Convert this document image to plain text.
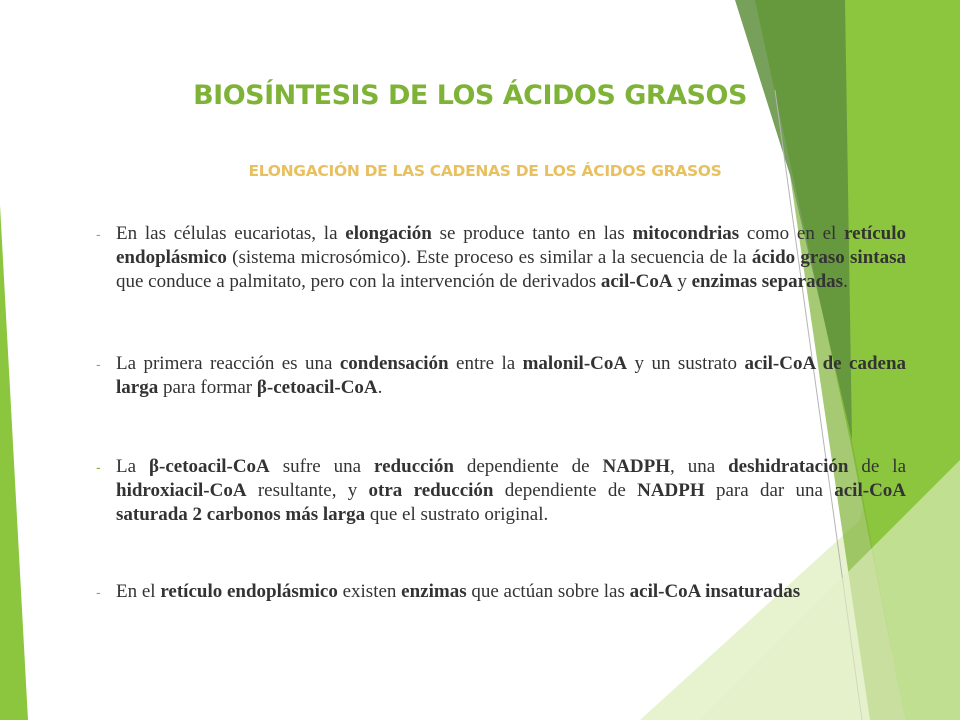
BIOSÍNTESIS DE LOS ÁCIDOS GRASOS
ELONGACIÓN DE LAS CADENAS DE LOS ÁCIDOS GRASOS
- En las células eucariotas, la elongación se produce tanto en las mitocondrias como en el retículo endoplásmico (sistema microsómico). Este proceso es similar a la secuencia de la ácido graso sintasa que conduce a palmitato, pero con la intervención de derivados acil-CoA y enzimas separadas.
- La primera reacción es una condensación entre la malonil-CoA y un sustrato acil-CoA de cadena larga para formar β-cetoacil-CoA.
- La β-cetoacil-CoA sufre una reducción dependiente de NADPH, una deshidratación de la hidroxiacil-CoA resultante, y otra reducción dependiente de NADPH para dar una acil-CoA saturada 2 carbonos más larga que el sustrato original.
- En el retículo endoplásmico existen enzimas que actúan sobre las acil-CoA insaturadas
